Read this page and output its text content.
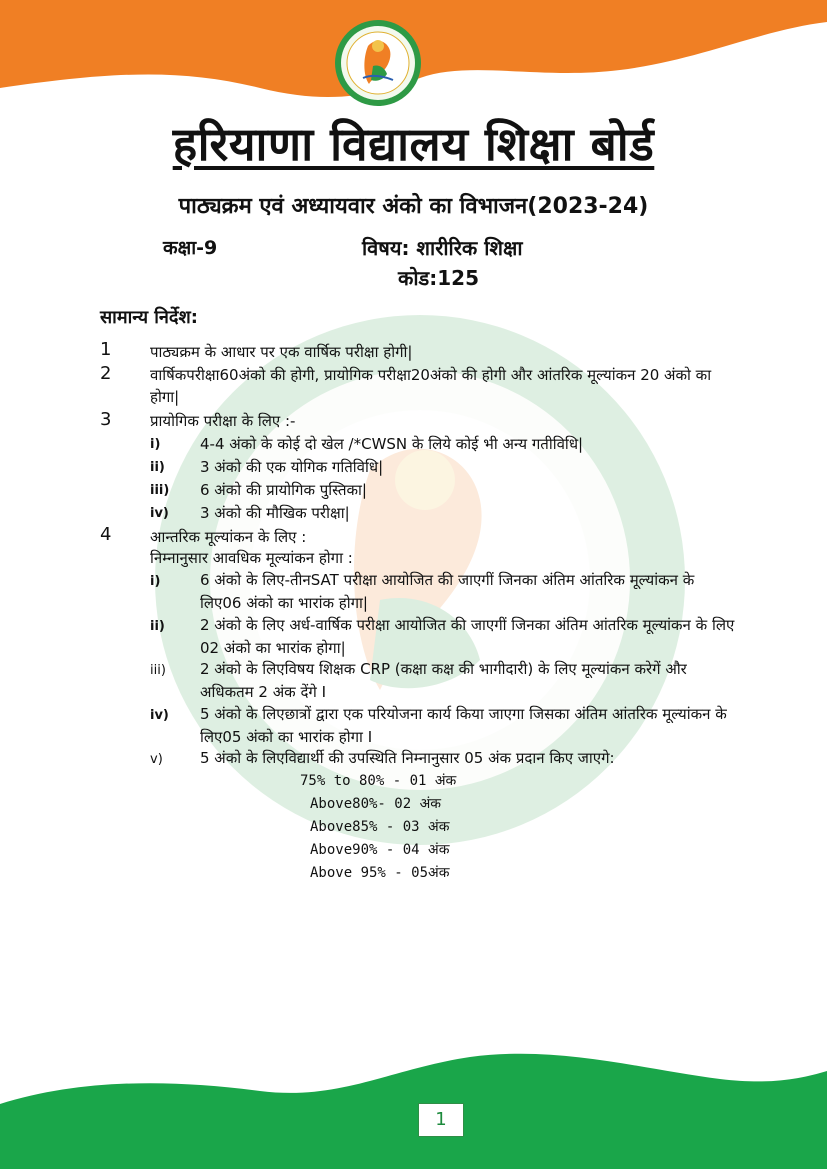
हरियाणा विद्यालय शिक्षा बोर्ड
पाठ्यक्रम एवं अध्यायवार अंको का विभाजन(2023-24)
कक्षा-9	विषय: शारीरिक शिक्षा
कोड:125
सामान्य निर्देश:
1	पाठ्यक्रम के आधार पर एक वार्षिक परीक्षा होगी|
2	वार्षिकपरीक्षा60अंको की होगी, प्रायोगिक परीक्षा20अंको की होगी और आंतरिक मूल्यांकन 20 अंको का होगा|
3	प्रायोगिक परीक्षा के लिए :-
i)	4-4 अंको के कोई दो खेल /*CWSN के लिये कोई भी अन्य गतीविधि|
ii) 3 अंको की एक योगिक गतिविधि|
iii) 6 अंको की प्रायोगिक पुस्तिका|
iv) 3 अंको की मौखिक परीक्षा|
4	आन्तरिक मूल्यांकन के लिए :
निम्नानुसार आवधिक मूल्यांकन होगा :
i)	6 अंको के लिए-तीनSAT परीक्षा आयोजित की जाएगीं जिनका अंतिम आंतरिक मूल्यांकन के लिए06 अंको का भारांक होगा|
ii) 2 अंको के लिए अर्ध-वार्षिक परीक्षा आयोजित की जाएगीं जिनका अंतिम आंतरिक मूल्यांकन के लिए 02 अंको का भारांक होगा|
iii) 2 अंको के लिएविषय शिक्षक CRP (कक्षा कक्ष की भागीदारी) के लिए मूल्यांकन करेगें और अधिकतम 2 अंक देंगे I
iv) 5 अंको के लिएछात्रों द्वारा एक परियोजना कार्य किया जाएगा जिसका अंतिम आंतरिक मूल्यांकन के लिए05 अंको का भारांक होगा I
v) 5 अंको के लिएविद्यार्थी की उपस्थिति निम्नानुसार 05 अंक प्रदान किए जाएगे:
75% to 80% - 01 अंक
Above80%- 02 अंक
Above85% - 03 अंक
Above90% - 04 अंक
Above 95% - 05अंक
1
